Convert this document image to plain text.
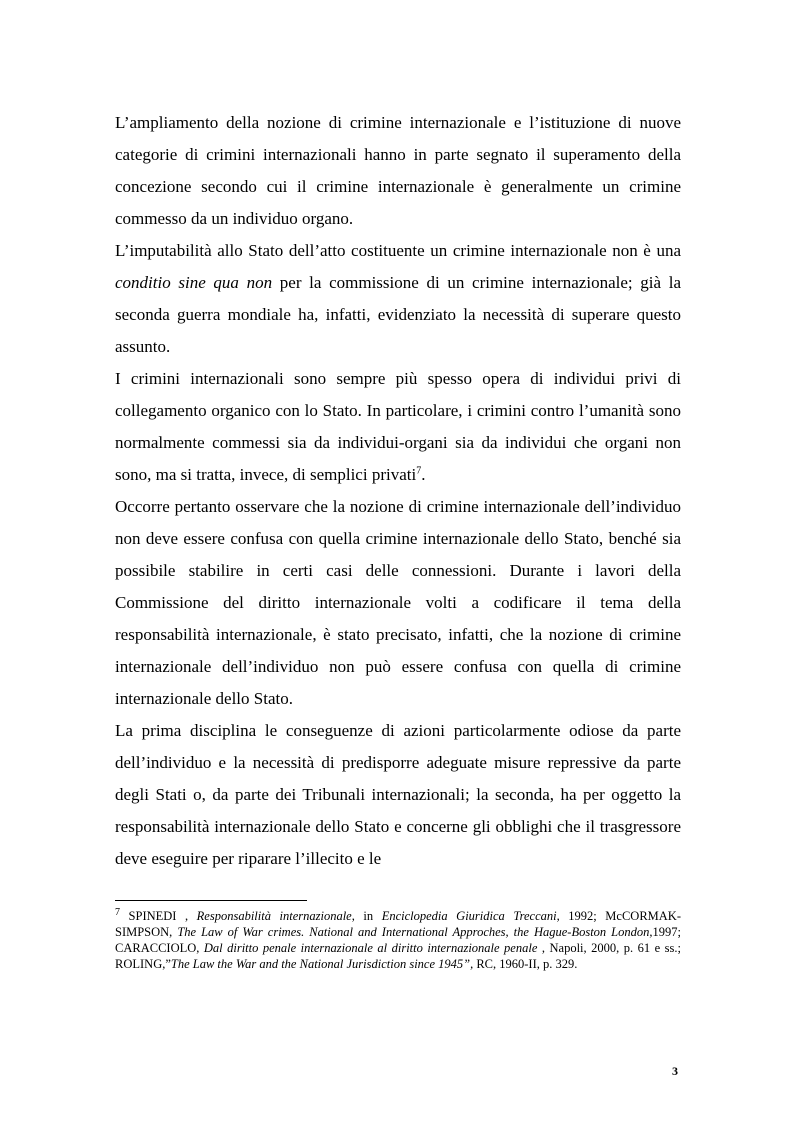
L’ampliamento della nozione di crimine internazionale e l’istituzione di nuove categorie di crimini internazionali hanno in parte segnato il superamento della concezione secondo cui il crimine internazionale è generalmente un crimine commesso da un individuo organo.

L’imputabilità allo Stato dell’atto costituente un crimine internazionale non è una conditio sine qua non per la commissione di un crimine internazionale; già la seconda guerra mondiale ha, infatti, evidenziato la necessità di superare questo assunto.

I crimini internazionali sono sempre più spesso opera di individui privi di collegamento organico con lo Stato. In particolare, i crimini contro l’umanità sono normalmente commessi sia da individui-organi sia da individui che organi non sono, ma si tratta, invece, di semplici privati$^7$.

Occorre pertanto osservare che la nozione di crimine internazionale dell’individuo non deve essere confusa con quella crimine internazionale dello Stato, benché sia possibile stabilire in certi casi delle connessioni. Durante i lavori della Commissione del diritto internazionale volti a codificare il tema della responsabilità internazionale, è stato precisato, infatti, che la nozione di crimine internazionale dell’individuo non può essere confusa con quella di crimine internazionale dello Stato.

La prima disciplina le conseguenze di azioni particolarmente odiose da parte dell’individuo e la necessità di predisporre adeguate misure repressive da parte degli Stati o, da parte dei Tribunali internazionali; la seconda, ha per oggetto la responsabilità internazionale dello Stato e concerne gli obblighi che il trasgressore deve eseguire per riparare l’illecito e le

$^7$ SPINEDI , Responsabilità internazionale, in Enciclopedia Giuridica Treccani, 1992; McCORMAK-SIMPSON, The Law of War crimes. National and International Approches, the Hague-Boston London,1997; CARACCIOLO, Dal diritto penale internazionale al diritto internazionale penale , Napoli, 2000, p. 61 e ss.; ROLING,”The Law the War and the National Jurisdiction since 1945”, RC, 1960-II, p. 329.

3
